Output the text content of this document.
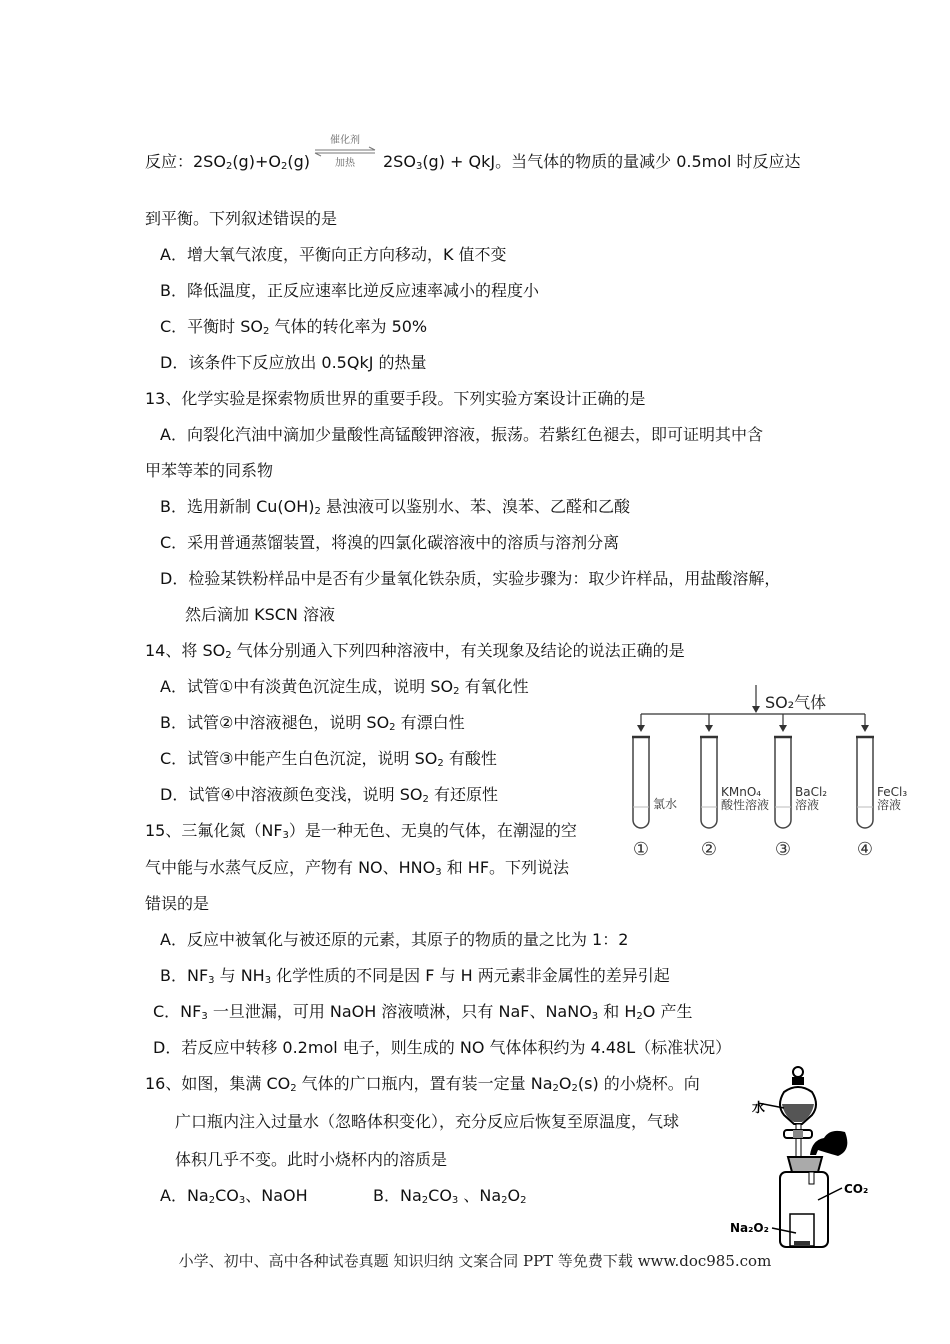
反应：$2SO_2(g)+O_2(g)$	$2SO_3(g)$ + QkJ。当气体的物质的量减少 0.5mol 时反应达
到平衡。下列叙述错误的是
A．增大氧气浓度，平衡向正方向移动，K 值不变
B．降低温度，正反应速率比逆反应速率减小的程度小
C．平衡时 $SO_2$ 气体的转化率为 50%
D．该条件下反应放出 0.5QkJ 的热量
13、化学实验是探索物质世界的重要手段。下列实验方案设计正确的是
A．向裂化汽油中滴加少量酸性高锰酸钾溶液，振荡。若紫红色褪去，即可证明其中含
甲苯等苯的同系物
B．选用新制 $Cu(OH)_2$ 悬浊液可以鉴别水、苯、溴苯、乙醛和乙酸
C．采用普通蒸馏装置，将溴的四氯化碳溶液中的溶质与溶剂分离
D．检验某铁粉样品中是否有少量氧化铁杂质，实验步骤为：取少许样品，用盐酸溶解，
然后滴加 KSCN 溶液
14、将 $SO_2$ 气体分别通入下列四种溶液中，有关现象及结论的说法正确的是
A．试管①中有淡黄色沉淀生成，说明 $SO_2$ 有氧化性
B．试管②中溶液褪色，说明 $SO_2$ 有漂白性
C．试管③中能产生白色沉淀，说明 $SO_2$ 有酸性
D．试管④中溶液颜色变浅，说明 $SO_2$ 有还原性
15、三氟化氮$(NF_3)$是一种无色、无臭的气体，在潮湿的空
气中能与水蒸气反应，产物有 NO、$HNO_3$ 和 HF。下列说法
错误的是
A．反应中被氧化与被还原的元素，其原子的物质的量之比为 1：2
B．$NF_3$ 与 $NH_3$ 化学性质的不同是因 F 与 H 两元素非金属性的差异引起
C．$NF_3$ 一旦泄漏，可用 NaOH 溶液喷淋，只有 NaF、NaNO$_3$ 和 $H_2O$ 产生
D．若反应中转移 0.2mol 电子，则生成的 NO 气体体积约为 4.48L（标准状况）
16、如图，集满 $CO_2$ 气体的广口瓶内，置有装一定量 $Na_2O_2(s)$ 的小烧杯。向
广口瓶内注入过量水（忽略体积变化），充分反应后恢复至原温度，气球
体积几乎不变。此时小烧杯内的溶质是
A．$Na_2CO_3$、NaOH	B．$Na_2CO_3$ 、$Na_2O_2$
催化剂
加热
SO₂气体
氯水
①
KMnO₄
酸性溶液
②
BaCl₂
溶液
③
FeCl₃
溶液
④
水
CO₂
Na₂O₂
小学、初中、高中各种试卷真题 知识归纳 文案合同 PPT 等免费下载 www.doc985.com
